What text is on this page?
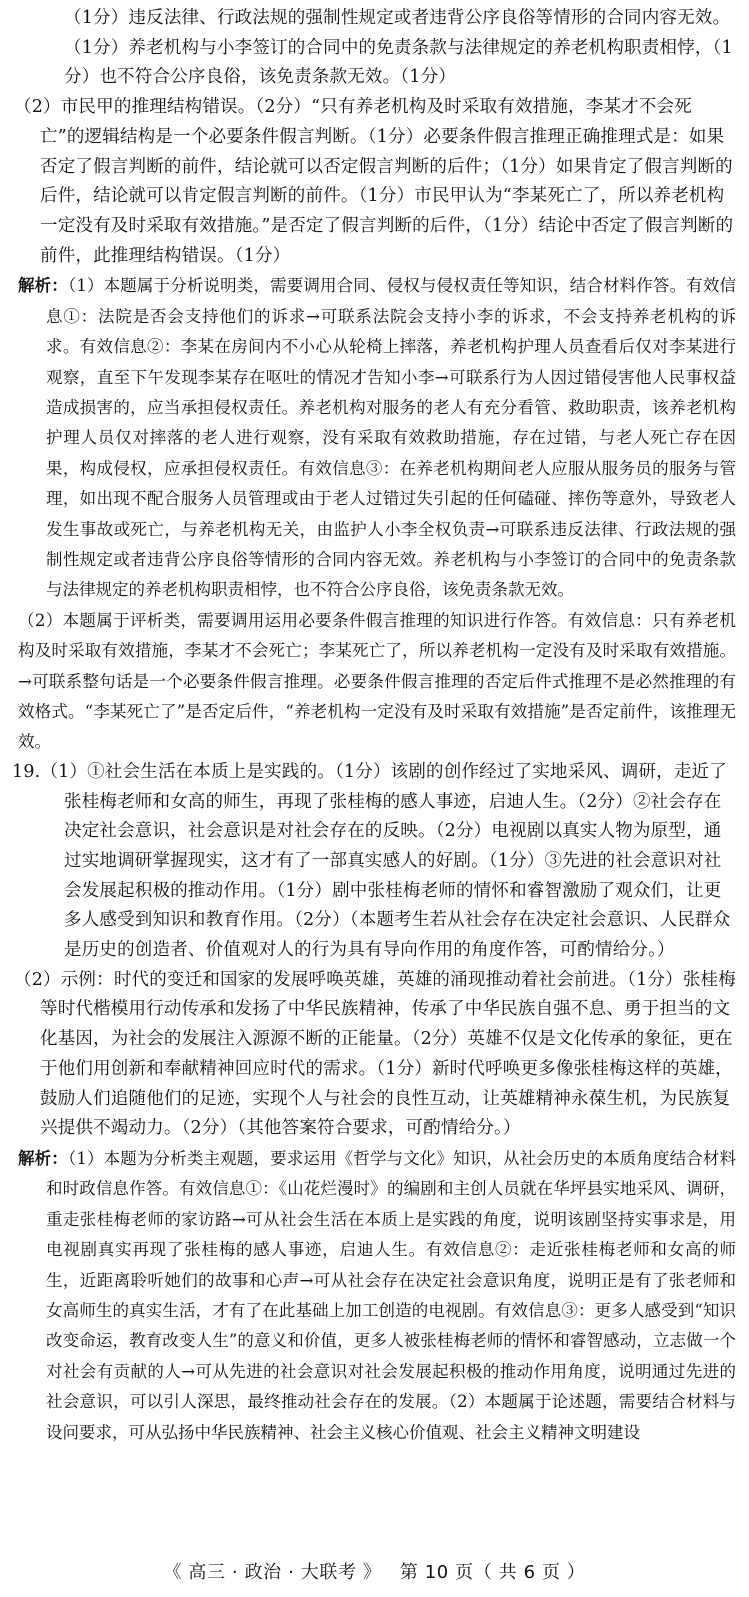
（1分）违反法律、行政法规的强制性规定或者违背公序良俗等情形的合同内容无效。（1分）养老机构与小李签订的合同中的免责条款与法律规定的养老机构职责相悖，（1分）也不符合公序良俗，该免责条款无效。（1分）

（2）市民甲的推理结构错误。（2分）“只有养老机构及时采取有效措施，李某才不会死亡”的逻辑结构是一个必要条件假言判断。（1分）必要条件假言推理正确推理式是：如果否定了假言判断的前件，结论就可以否定假言判断的后件；（1分）如果肯定了假言判断的后件，结论就可以肯定假言判断的前件。（1分）市民甲认为“李某死亡了，所以养老机构一定没有及时采取有效措施。”是否定了假言判断的后件，（1分）结论中否定了假言判断的前件，此推理结构错误。（1分）

解析：（1）本题属于分析说明类，需要调用合同、侵权与侵权责任等知识，结合材料作答。有效信息①：法院是否会支持他们的诉求→可联系法院会支持小李的诉求，不会支持养老机构的诉求。有效信息②：李某在房间内不小心从轮椅上摔落，养老机构护理人员查看后仅对李某进行观察，直至下午发现李某存在呕吐的情况才告知小李→可联系行为人因过错侵害他人民事权益造成损害的，应当承担侵权责任。养老机构对服务的老人有充分看管、救助职责，该养老机构护理人员仅对摔落的老人进行观察，没有采取有效救助措施，存在过错，与老人死亡存在因果，构成侵权，应承担侵权责任。有效信息③：在养老机构期间老人应服从服务员的服务与管理，如出现不配合服务人员管理或由于老人过错过失引起的任何磕碰、摔伤等意外，导致老人发生事故或死亡，与养老机构无关，由监护人小李全权负责→可联系违反法律、行政法规的强制性规定或者违背公序良俗等情形的合同内容无效。养老机构与小李签订的合同中的免责条款与法律规定的养老机构职责相悖，也不符合公序良俗，该免责条款无效。
（2）本题属于评析类，需要调用运用必要条件假言推理的知识进行作答。有效信息：只有养老机构及时采取有效措施，李某才不会死亡；李某死亡了，所以养老机构一定没有及时采取有效措施。→可联系整句话是一个必要条件假言推理。必要条件假言推理的否定后件式推理不是必然推理的有效格式。“李某死亡了”是否定后件，“养老机构一定没有及时采取有效措施”是否定前件，该推理无效。

19.（1）①社会生活在本质上是实践的。（1分）该剧的创作经过了实地采风、调研，走近了张桂梅老师和女高的师生，再现了张桂梅的感人事迹，启迪人生。（2分）②社会存在决定社会意识，社会意识是对社会存在的反映。（2分）电视剧以真实人物为原型，通过实地调研掌握现实，这才有了一部真实感人的好剧。（1分）③先进的社会意识对社会发展起积极的推动作用。（1分）剧中张桂梅老师的情怀和睿智激励了观众们，让更多人感受到知识和教育作用。（2分）（本题考生若从社会存在决定社会意识、人民群众是历史的创造者、价值观对人的行为具有导向作用的角度作答，可酌情给分。）

（2）示例：时代的变迁和国家的发展呼唤英雄，英雄的涌现推动着社会前进。（1分）张桂梅等时代楷模用行动传承和发扬了中华民族精神，传承了中华民族自强不息、勇于担当的文化基因，为社会的发展注入源源不断的正能量。（2分）英雄不仅是文化传承的象征，更在于他们用创新和奉献精神回应时代的需求。（1分）新时代呼唤更多像张桂梅这样的英雄，鼓励人们追随他们的足迹，实现个人与社会的良性互动，让英雄精神永葆生机，为民族复兴提供不竭动力。（2分）（其他答案符合要求，可酌情给分。）

解析：（1）本题为分析类主观题，要求运用《哲学与文化》知识，从社会历史的本质角度结合材料和时政信息作答。有效信息①：《山花烂漫时》的编剧和主创人员就在华坪县实地采风、调研，重走张桂梅老师的家访路→可从社会生活在本质上是实践的角度，说明该剧坚持实事求是，用电视剧真实再现了张桂梅的感人事迹，启迪人生。有效信息②：走近张桂梅老师和女高的师生，近距离聆听她们的故事和心声→可从社会存在决定社会意识角度，说明正是有了张老师和女高师生的真实生活，才有了在此基础上加工创造的电视剧。有效信息③：更多人感受到“知识改变命运，教育改变人生”的意义和价值，更多人被张桂梅老师的情怀和睿智感动，立志做一个对社会有贡献的人→可从先进的社会意识对社会发展起积极的推动作用角度，说明通过先进的社会意识，可以引人深思，最终推动社会存在的发展。（2）本题属于论述题，需要结合材料与设问要求，可从弘扬中华民族精神、社会主义核心价值观、社会主义精神文明建设
《 高三 · 政治 · 大联考 》 第 10 页（ 共 6 页 ）
